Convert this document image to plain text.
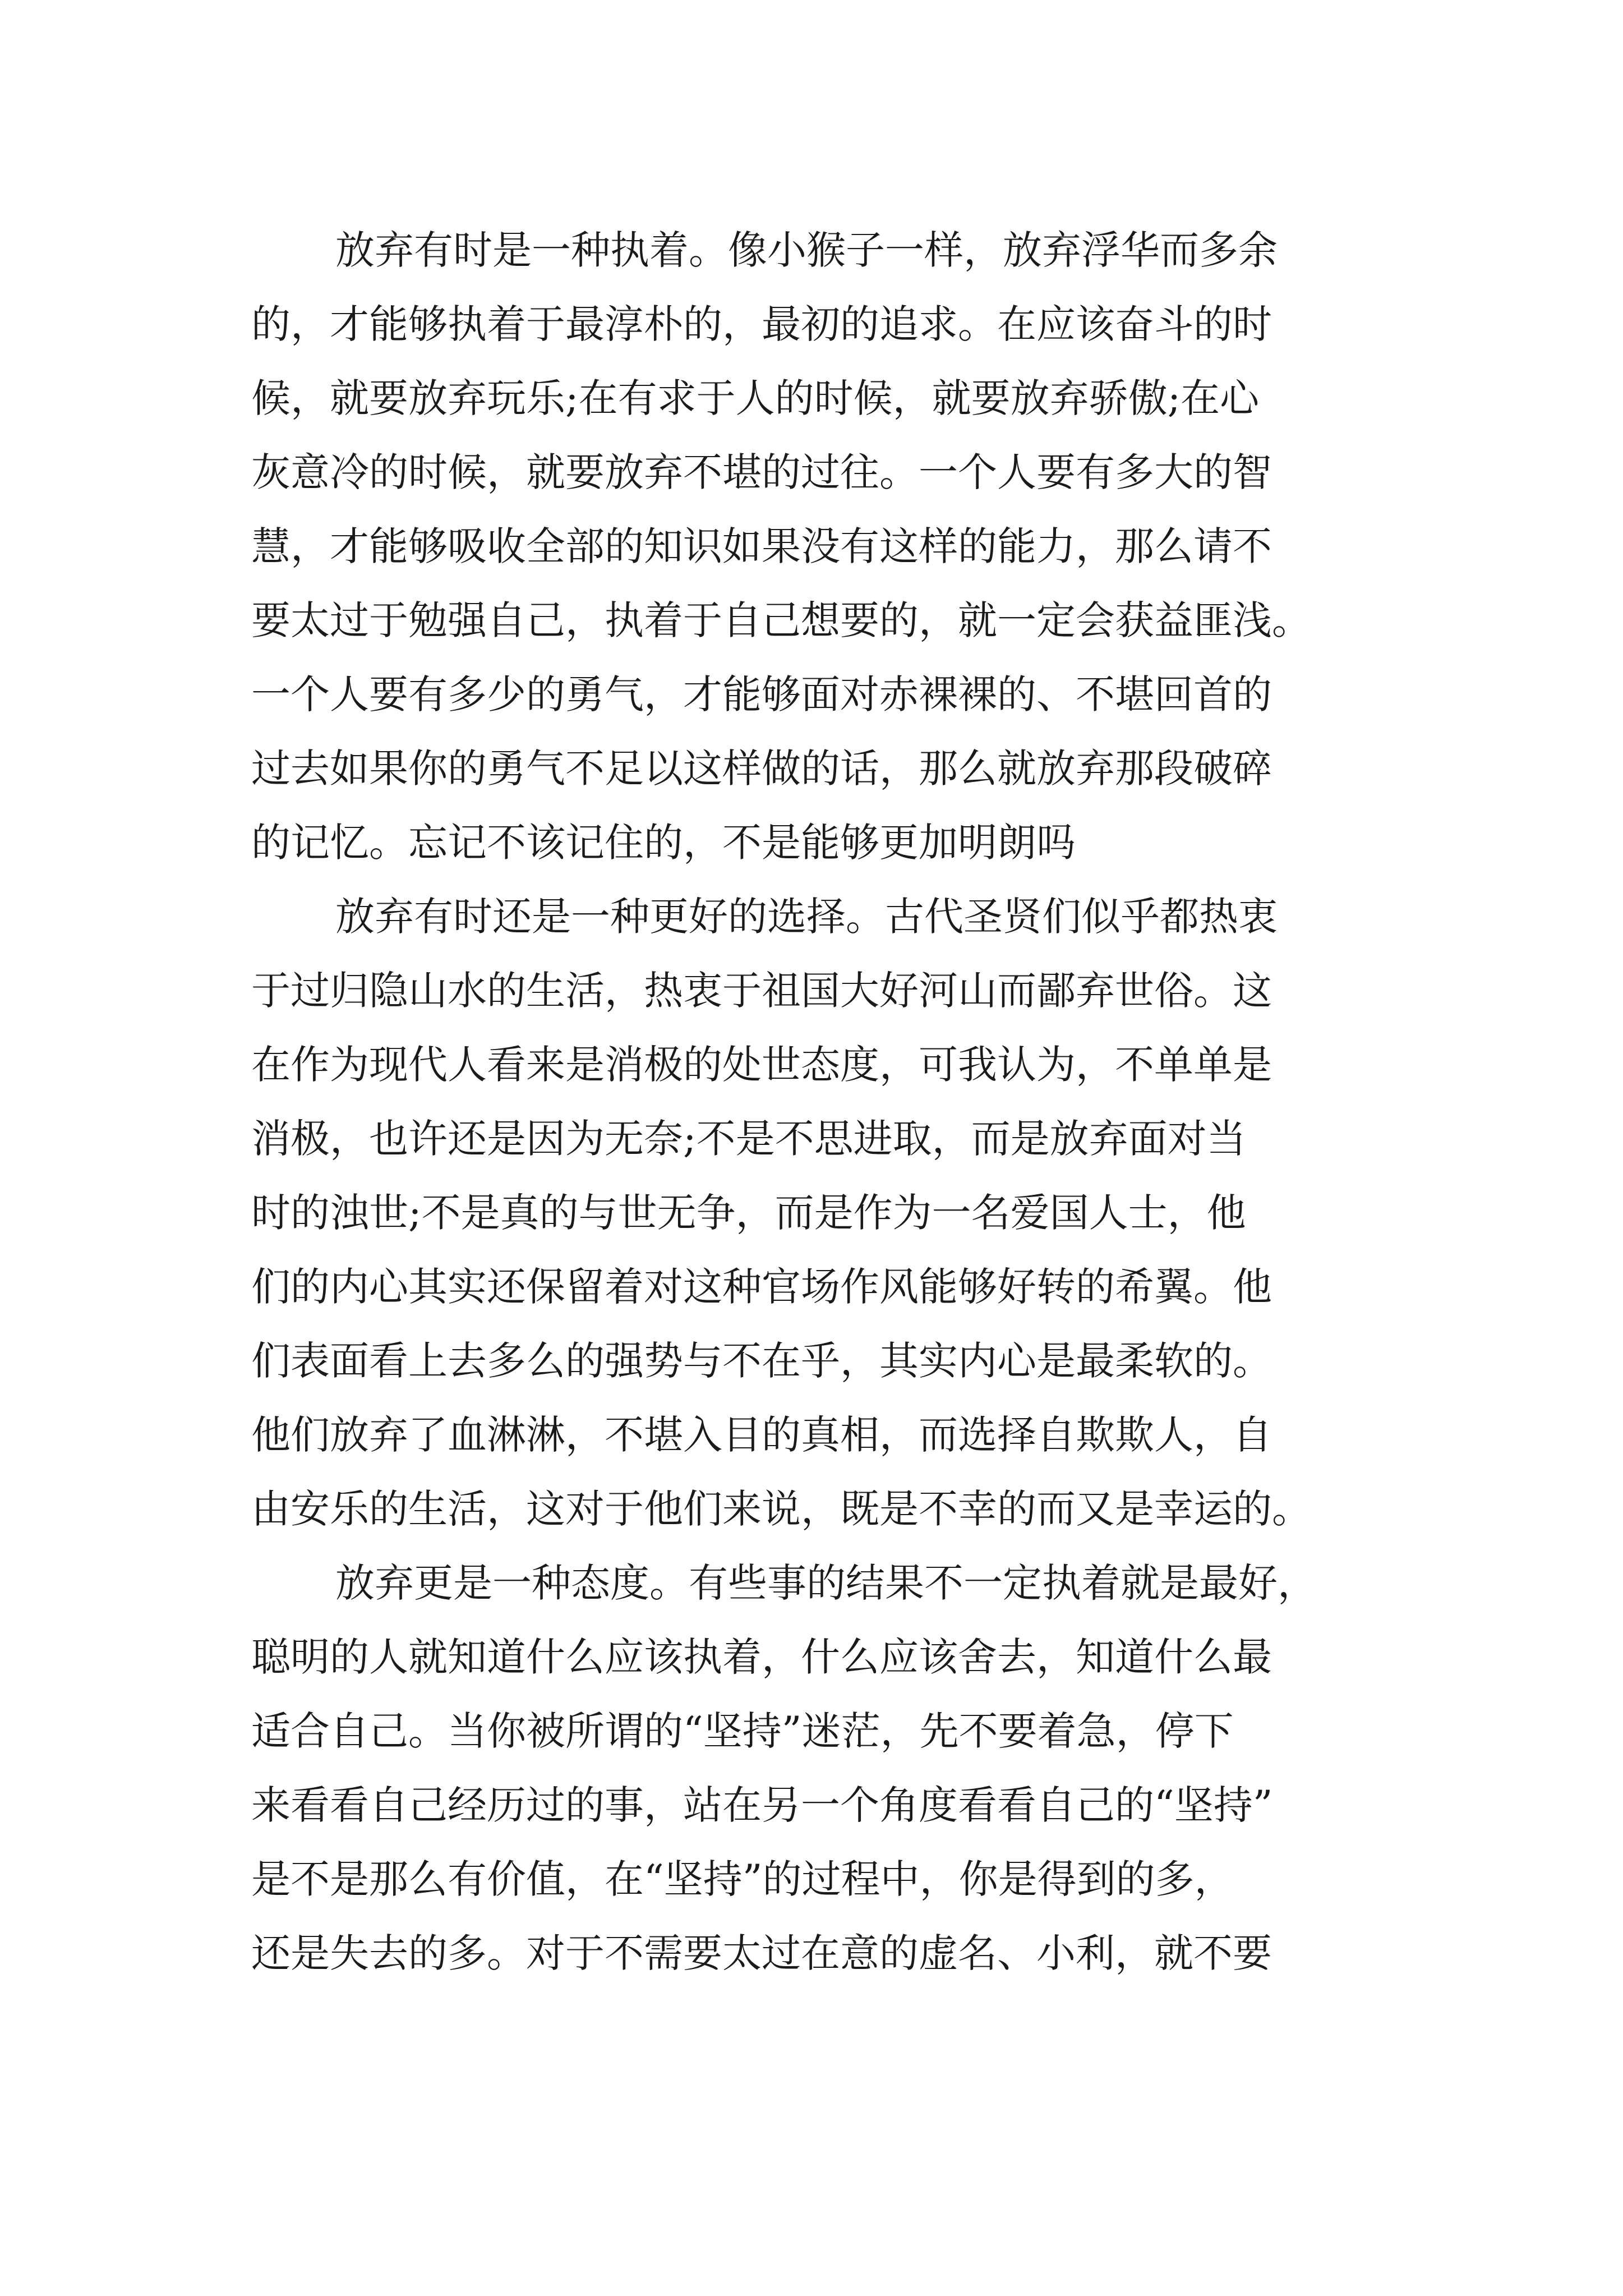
放弃有时是一种执着。像小猴子一样，放弃浮华而多余
的，才能够执着于最淳朴的，最初的追求。在应该奋斗的时
候，就要放弃玩乐;在有求于人的时候，就要放弃骄傲;在心
灰意冷的时候，就要放弃不堪的过往。一个人要有多大的智
慧，才能够吸收全部的知识如果没有这样的能力，那么请不
要太过于勉强自己，执着于自己想要的，就一定会获益匪浅。
一个人要有多少的勇气，才能够面对赤裸裸的、不堪回首的
过去如果你的勇气不足以这样做的话，那么就放弃那段破碎
的记忆。忘记不该记住的，不是能够更加明朗吗
放弃有时还是一种更好的选择。古代圣贤们似乎都热衷
于过归隐山水的生活，热衷于祖国大好河山而鄙弃世俗。这
在作为现代人看来是消极的处世态度，可我认为，不单单是
消极，也许还是因为无奈;不是不思进取，而是放弃面对当
时的浊世;不是真的与世无争，而是作为一名爱国人士，他
们的内心其实还保留着对这种官场作风能够好转的希翼。他
们表面看上去多么的强势与不在乎，其实内心是最柔软的。
他们放弃了血淋淋，不堪入目的真相，而选择自欺欺人，自
由安乐的生活，这对于他们来说，既是不幸的而又是幸运的。
放弃更是一种态度。有些事的结果不一定执着就是最好，
聪明的人就知道什么应该执着，什么应该舍去，知道什么最
适合自己。当你被所谓的“坚持”迷茫，先不要着急，停下
来看看自己经历过的事，站在另一个角度看看自己的“坚持”
是不是那么有价值，在“坚持”的过程中，你是得到的多，
还是失去的多。对于不需要太过在意的虚名、小利，就不要
